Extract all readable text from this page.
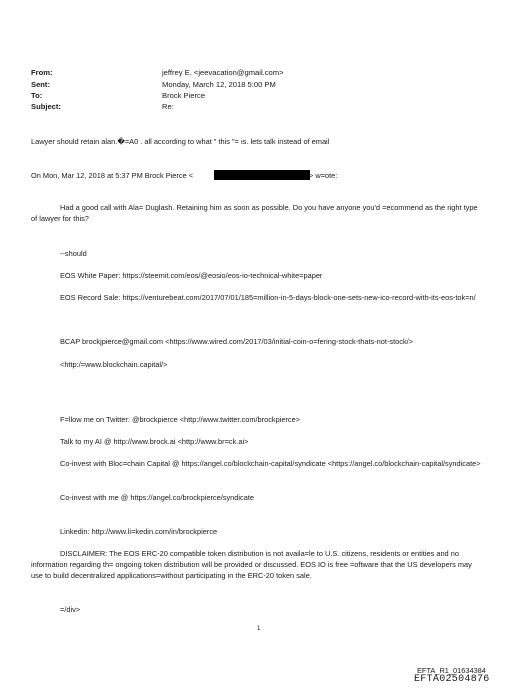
From:	jeffrey E. <jeevacation@gmail.com>
Sent:	Monday, March 12, 2018 5:00 PM
To:	Brock Pierce
Subject:	Re:
Lawyer should retain alan.�=A0 . all according to what " this "= is. lets talk instead of email
On Mon, Mar 12, 2018 at 5:37 PM Brock Pierce <	> w=ote:
Had a good call with Ala= Duglash. Retaining him as soon as possible. Do you have anyone you'd =ecommend as the right type of lawyer for this?
--should
EOS White Paper: https://steemit.com/eos/@eosio/eos-io-technical-white=paper
EOS Record Sale: https://venturebeat.com/2017/07/01/185=million-in-5-days-block-one-sets-new-ico-record-with-its-eos-tok=n/
BCAP brockjpierce@gmail.com <https://www.wired.com/2017/03/initial-coin-o=fering-stock-thats-not-stock/>
<http:/=www.blockchain.capital/>
F=llow me on Twitter: @brockpierce <http://www.twitter.com/brockpierce>
Talk to my AI @ http://www.brock.ai <http://www.br=ck.ai>
Co-invest with Bloc=chain Capital @ https://angel.co/blockchain-capital/syndicate <https://angel.co/blockchain-capital/syndicate>
Co-invest with me @ https://angel.co/brockpierce/syndicate
Linkedin: http://www.li=kedin.com/in/brockpierce
DISCLAIMER: The EOS ERC-20 compatible token distribution is not availa=le to U.S. citizens, residents or entities and no information regarding th= ongoing token distribution will be provided or discussed. EOS IO is free =oftware that the US developers may use to build decentralized applications=without participating in the ERC-20 token sale.
=/div>
1
EFTA_R1_01634384
EFTA02504876
